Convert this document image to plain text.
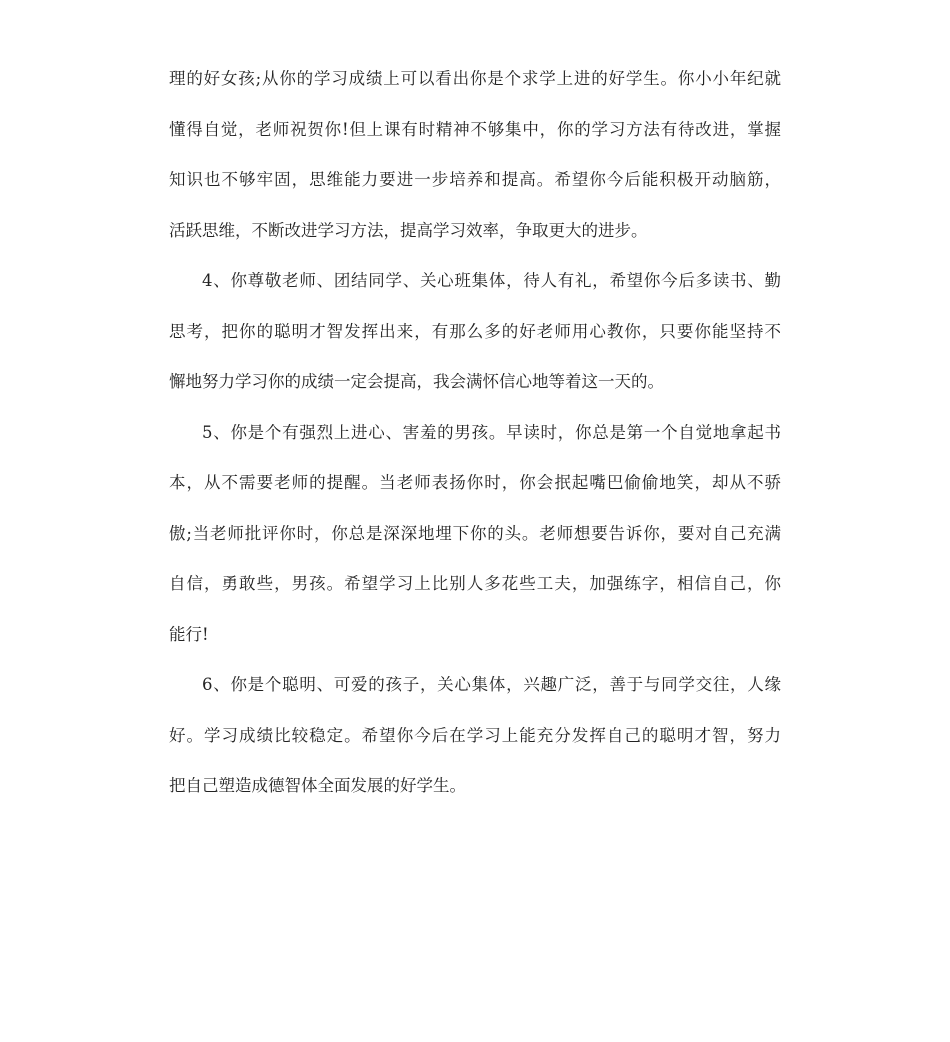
理的好女孩;从你的学习成绩上可以看出你是个求学上进的好学生。你小小年纪就
懂得自觉，老师祝贺你!但上课有时精神不够集中，你的学习方法有待改进，掌握
知识也不够牢固，思维能力要进一步培养和提高。希望你今后能积极开动脑筋，
活跃思维，不断改进学习方法，提高学习效率，争取更大的进步。
4、你尊敬老师、团结同学、关心班集体，待人有礼，希望你今后多读书、勤
思考，把你的聪明才智发挥出来，有那么多的好老师用心教你，只要你能坚持不
懈地努力学习你的成绩一定会提高，我会满怀信心地等着这一天的。
5、你是个有强烈上进心、害羞的男孩。早读时，你总是第一个自觉地拿起书
本，从不需要老师的提醒。当老师表扬你时，你会抿起嘴巴偷偷地笑，却从不骄
傲;当老师批评你时，你总是深深地埋下你的头。老师想要告诉你，要对自己充满
自信，勇敢些，男孩。希望学习上比别人多花些工夫，加强练字，相信自己，你
能行!
6、你是个聪明、可爱的孩子，关心集体，兴趣广泛，善于与同学交往，人缘
好。学习成绩比较稳定。希望你今后在学习上能充分发挥自己的聪明才智，努力
把自己塑造成德智体全面发展的好学生。
